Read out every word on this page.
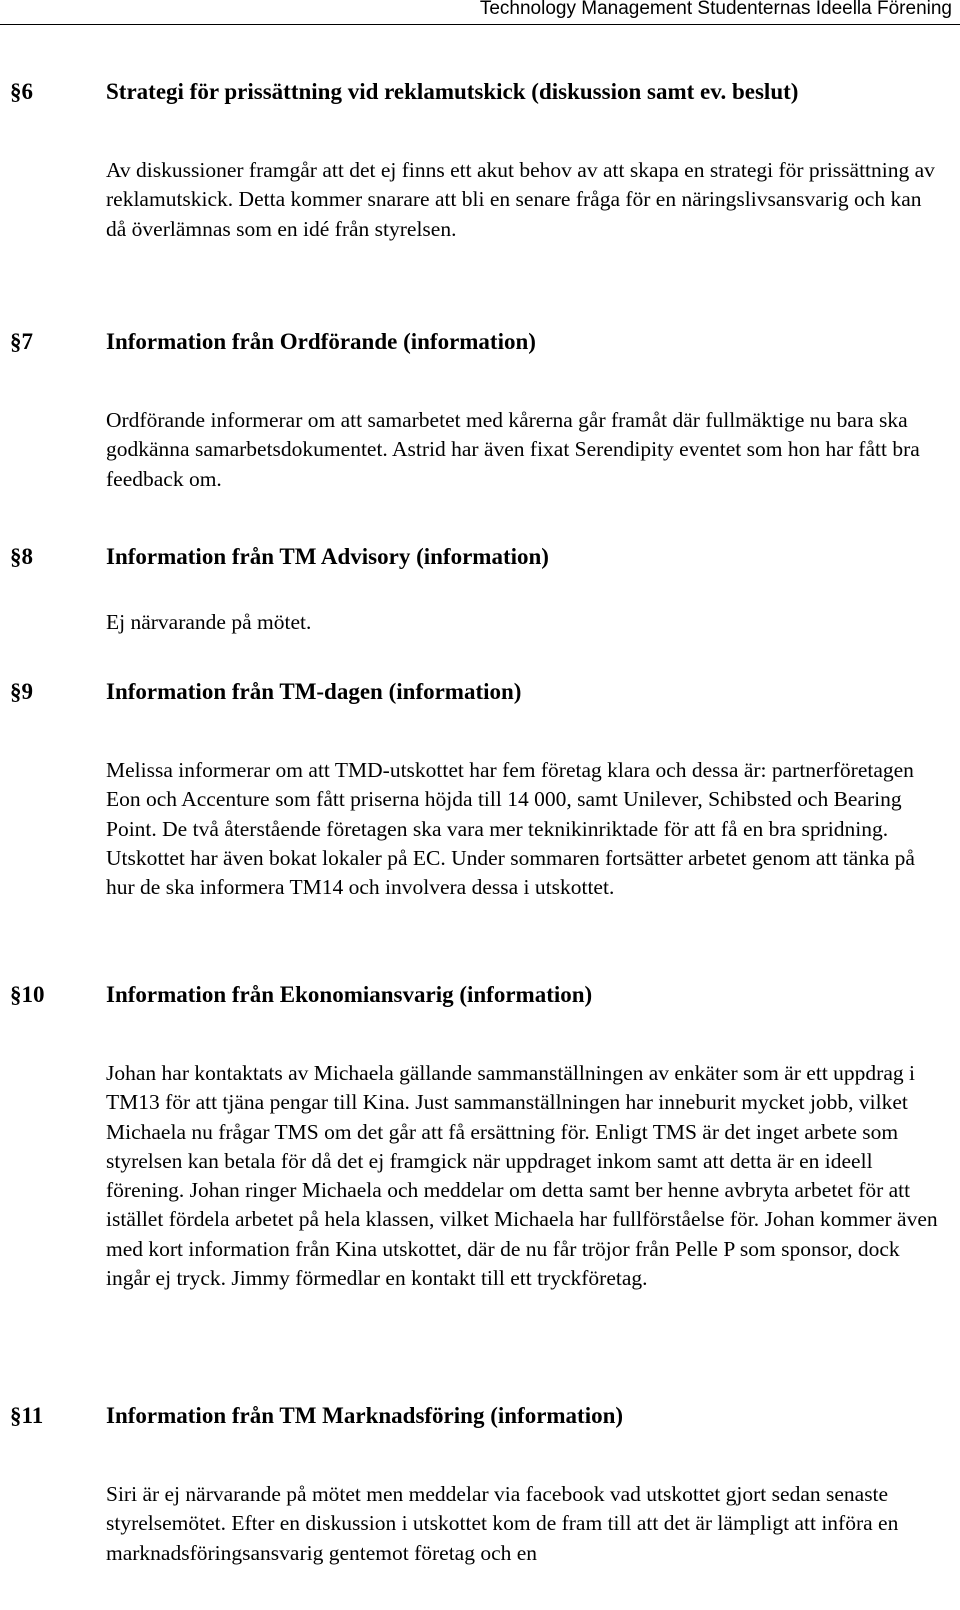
Technology Management Studenternas Ideella Förening
§6	Strategi för prissättning vid reklamutskick (diskussion samt ev. beslut)

Av diskussioner framgår att det ej finns ett akut behov av att skapa en strategi för prissättning av reklamutskick. Detta kommer snarare att bli en senare fråga för en näringslivsansvarig och kan då överlämnas som en idé från styrelsen.

§7	Information från Ordförande (information)

Ordförande informerar om att samarbetet med kårerna går framåt där fullmäktige nu bara ska godkänna samarbetsdokumentet. Astrid har även fixat Serendipity eventet som hon har fått bra feedback om.

§8	Information från TM Advisory (information)

Ej närvarande på mötet.

§9	Information från TM-dagen (information)

Melissa informerar om att TMD-utskottet har fem företag klara och dessa är: partnerföretagen Eon och Accenture som fått priserna höjda till 14 000, samt Unilever, Schibsted och Bearing Point. De två återstående företagen ska vara mer teknikinriktade för att få en bra spridning. Utskottet har även bokat lokaler på EC. Under sommaren fortsätter arbetet genom att tänka på hur de ska informera TM14 och involvera dessa i utskottet.

§10	Information från Ekonomiansvarig (information)

Johan har kontaktats av Michaela gällande sammanställningen av enkäter som är ett uppdrag i TM13 för att tjäna pengar till Kina. Just sammanställningen har inneburit mycket jobb, vilket Michaela nu frågar TMS om det går att få ersättning för. Enligt TMS är det inget arbete som styrelsen kan betala för då det ej framgick när uppdraget inkom samt att detta är en ideell förening. Johan ringer Michaela och meddelar om detta samt ber henne avbryta arbetet för att istället fördela arbetet på hela klassen, vilket Michaela har fullförståelse för. Johan kommer även med kort information från Kina utskottet, där de nu får tröjor från Pelle P som sponsor, dock ingår ej tryck. Jimmy förmedlar en kontakt till ett tryckföretag.

§11	Information från TM Marknadsföring (information)

Siri är ej närvarande på mötet men meddelar via facebook vad utskottet gjort sedan senaste styrelsemötet. Efter en diskussion i utskottet kom de fram till att det är lämpligt att införa en marknadsföringsansvarig gentemot företag och en
